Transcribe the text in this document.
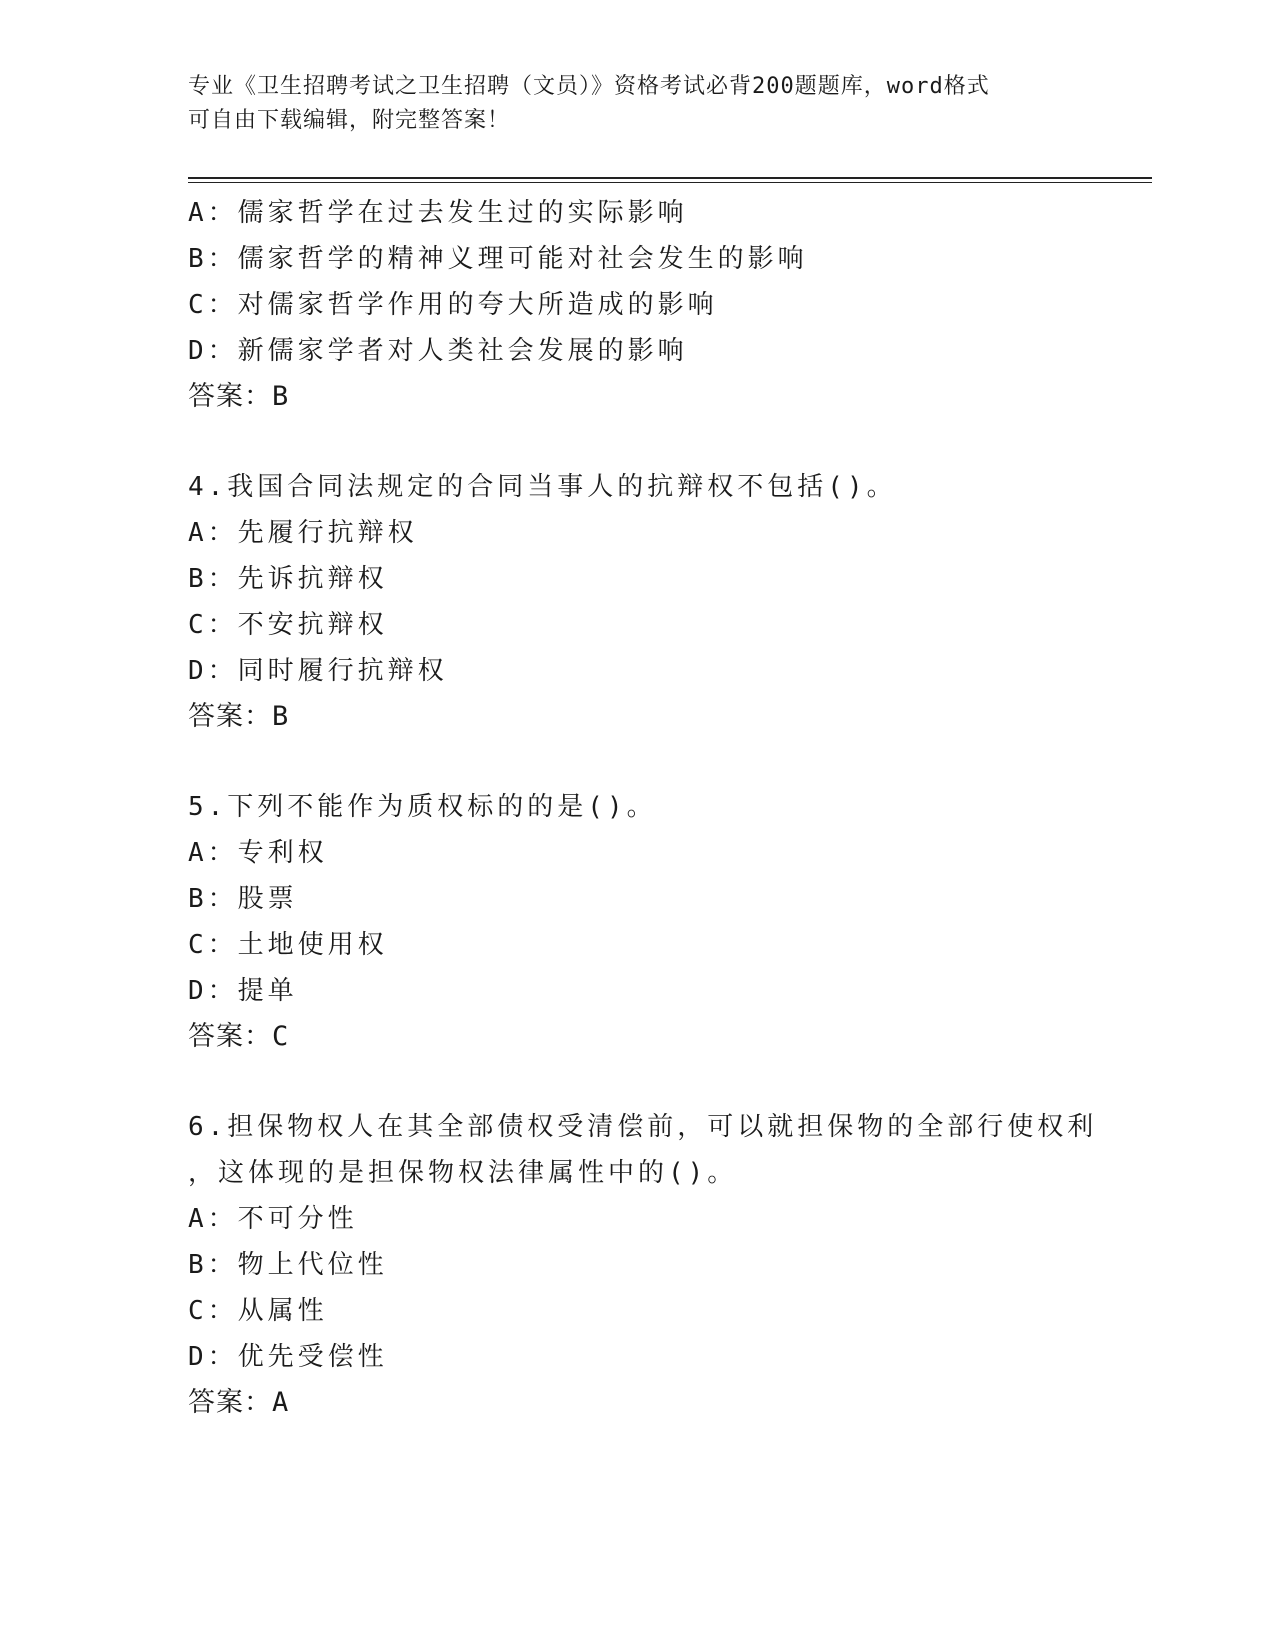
专业《卫生招聘考试之卫生招聘（文员）》资格考试必背200题题库，word格式
可自由下载编辑，附完整答案！
A：儒家哲学在过去发生过的实际影响
B：儒家哲学的精神义理可能对社会发生的影响
C：对儒家哲学作用的夸大所造成的影响
D：新儒家学者对人类社会发展的影响
答案：B
4.我国合同法规定的合同当事人的抗辩权不包括()。
A：先履行抗辩权
B：先诉抗辩权
C：不安抗辩权
D：同时履行抗辩权
答案：B
5.下列不能作为质权标的的是()。
A：专利权
B：股票
C：土地使用权
D：提单
答案：C
6.担保物权人在其全部债权受清偿前，可以就担保物的全部行使权利
，这体现的是担保物权法律属性中的()。
A：不可分性
B：物上代位性
C：从属性
D：优先受偿性
答案：A
